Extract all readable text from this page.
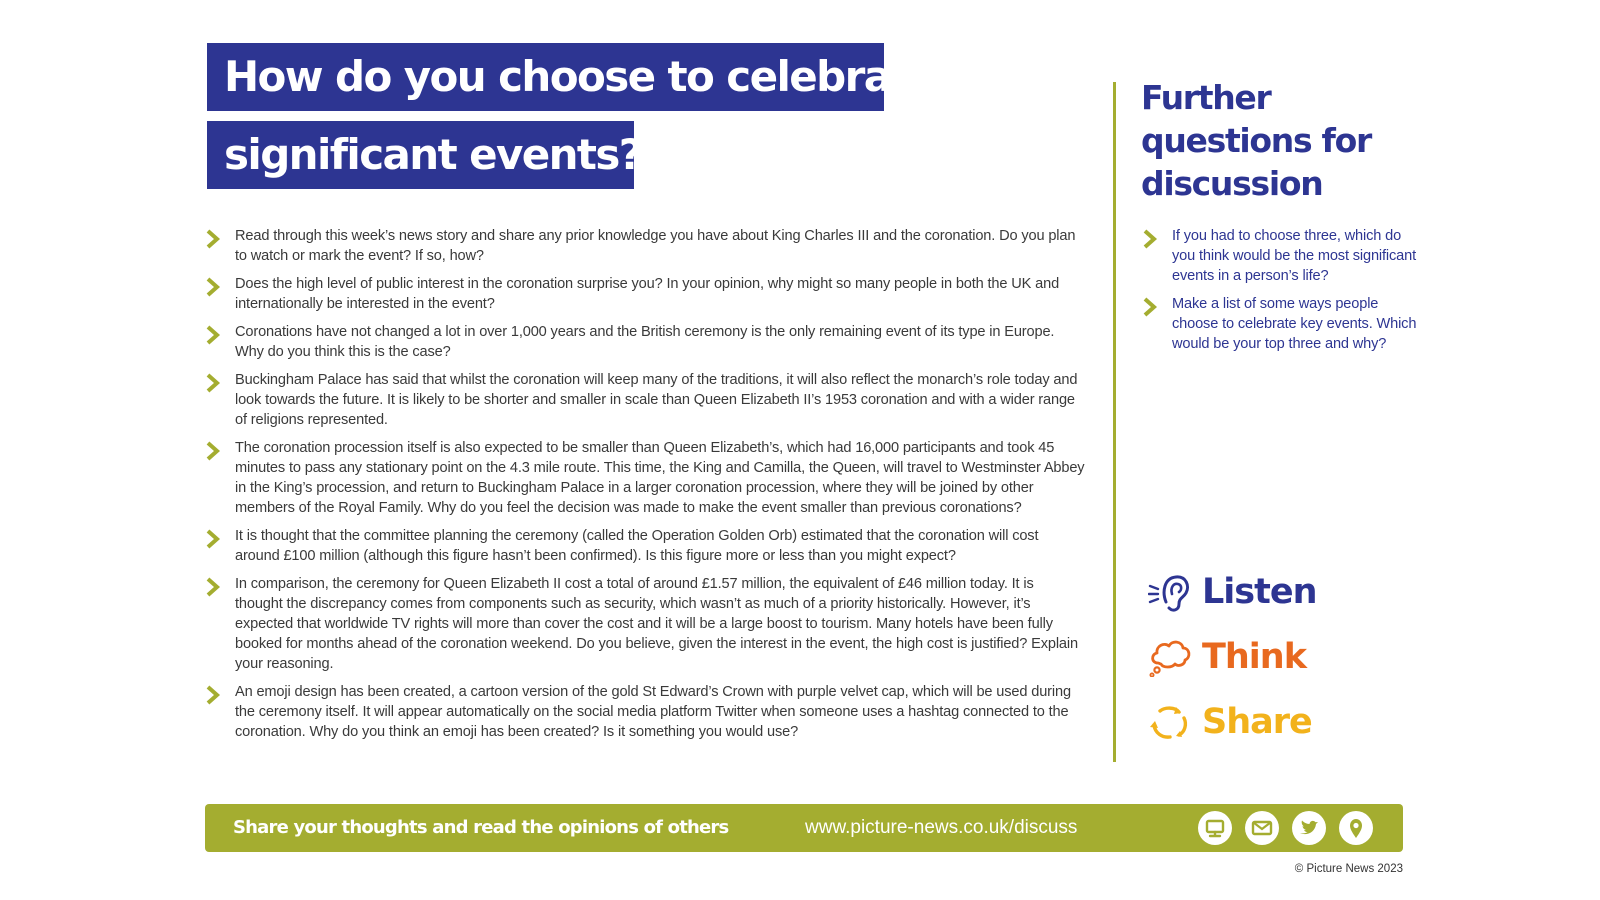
How do you choose to celebrate
significant events?
Read through this week’s news story and share any prior knowledge you have about King Charles III and the coronation. Do you plan to watch or mark the event? If so, how?
Does the high level of public interest in the coronation surprise you? In your opinion, why might so many people in both the UK and internationally be interested in the event?
Coronations have not changed a lot in over 1,000 years and the British ceremony is the only remaining event of its type in Europe. Why do you think this is the case?
Buckingham Palace has said that whilst the coronation will keep many of the traditions, it will also reflect the monarch’s role today and look towards the future. It is likely to be shorter and smaller in scale than Queen Elizabeth II’s 1953 coronation and with a wider range of religions represented.
The coronation procession itself is also expected to be smaller than Queen Elizabeth’s, which had 16,000 participants and took 45 minutes to pass any stationary point on the 4.3 mile route. This time, the King and Camilla, the Queen, will travel to Westminster Abbey in the King’s procession, and return to Buckingham Palace in a larger coronation procession, where they will be joined by other members of the Royal Family. Why do you feel the decision was made to make the event smaller than previous coronations?
It is thought that the committee planning the ceremony (called the Operation Golden Orb) estimated that the coronation will cost around £100 million (although this figure hasn’t been confirmed). Is this figure more or less than you might expect?
In comparison, the ceremony for Queen Elizabeth II cost a total of around £1.57 million, the equivalent of £46 million today. It is thought the discrepancy comes from components such as security, which wasn’t as much of a priority historically. However, it’s expected that worldwide TV rights will more than cover the cost and it will be a large boost to tourism. Many hotels have been fully booked for months ahead of the coronation weekend. Do you believe, given the interest in the event, the high cost is justified? Explain your reasoning.
An emoji design has been created, a cartoon version of the gold St Edward’s Crown with purple velvet cap, which will be used during the ceremony itself. It will appear automatically on the social media platform Twitter when someone uses a hashtag connected to the coronation. Why do you think an emoji has been created? Is it something you would use?
Further questions for discussion
If you had to choose three, which do you think would be the most significant events in a person’s life?
Make a list of some ways people choose to celebrate key events. Which would be your top three and why?
Listen
Think
Share
Share your thoughts and read the opinions of others	www.picture-news.co.uk/discuss
© Picture News 2023
